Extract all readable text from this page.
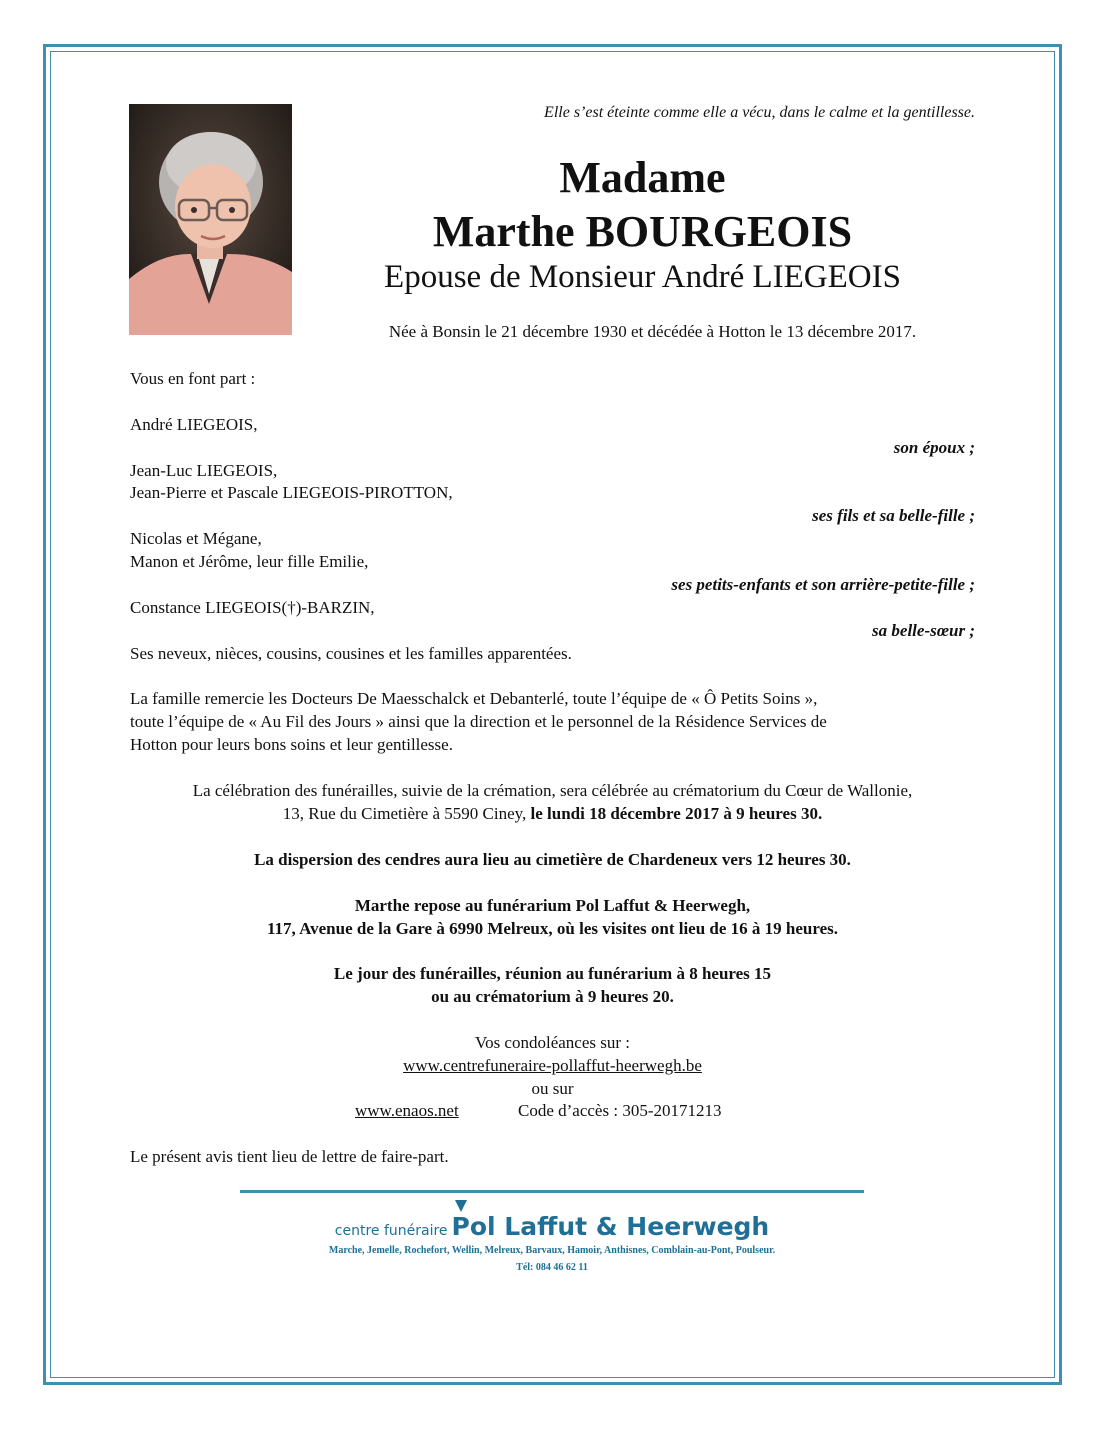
Elle s’est éteinte comme elle a vécu, dans le calme et la gentillesse.
Madame
Marthe BOURGEOIS
Epouse de Monsieur André LIEGEOIS
Née à Bonsin le 21 décembre 1930 et décédée à Hotton le 13 décembre 2017.
Vous en font part :
André LIEGEOIS,
son époux ;
Jean-Luc LIEGEOIS,
Jean-Pierre et Pascale LIEGEOIS-PIROTTON,
ses fils et sa belle-fille ;
Nicolas et Mégane,
Manon et Jérôme, leur fille Emilie,
ses petits-enfants et son arrière-petite-fille ;
Constance LIEGEOIS(†)-BARZIN,
sa belle-sœur ;
Ses neveux, nièces, cousins, cousines et les familles apparentées.
La famille remercie les Docteurs De Maesschalck et Debanterlé, toute l’équipe de « Ô Petits Soins »,
toute l’équipe de « Au Fil des Jours » ainsi que la direction et le personnel de la Résidence Services de
Hotton pour leurs bons soins et leur gentillesse.
La célébration des funérailles, suivie de la crémation, sera célébrée au crématorium du Cœur de Wallonie,
13, Rue du Cimetière à 5590 Ciney, le lundi 18 décembre 2017 à 9 heures 30.
La dispersion des cendres aura lieu au cimetière de Chardeneux vers 12 heures 30.
Marthe repose au funérarium Pol Laffut & Heerwegh,
117, Avenue de la Gare à 6990 Melreux, où les visites ont lieu de 16 à 19 heures.
Le jour des funérailles, réunion au funérarium à 8 heures 15
ou au crématorium à 9 heures 20.
Vos condoléances sur :
www.centrefuneraire-pollaffut-heerwegh.be
ou sur
www.enaos.net	Code d’accès : 305-20171213
Le présent avis tient lieu de lettre de faire-part.
centre funéraire Pol Laffut & Heerwegh
Marche, Jemelle, Rochefort, Wellin, Melreux, Barvaux, Hamoir, Anthisnes, Comblain-au-Pont, Poulseur.
Tél: 084 46 62 11
